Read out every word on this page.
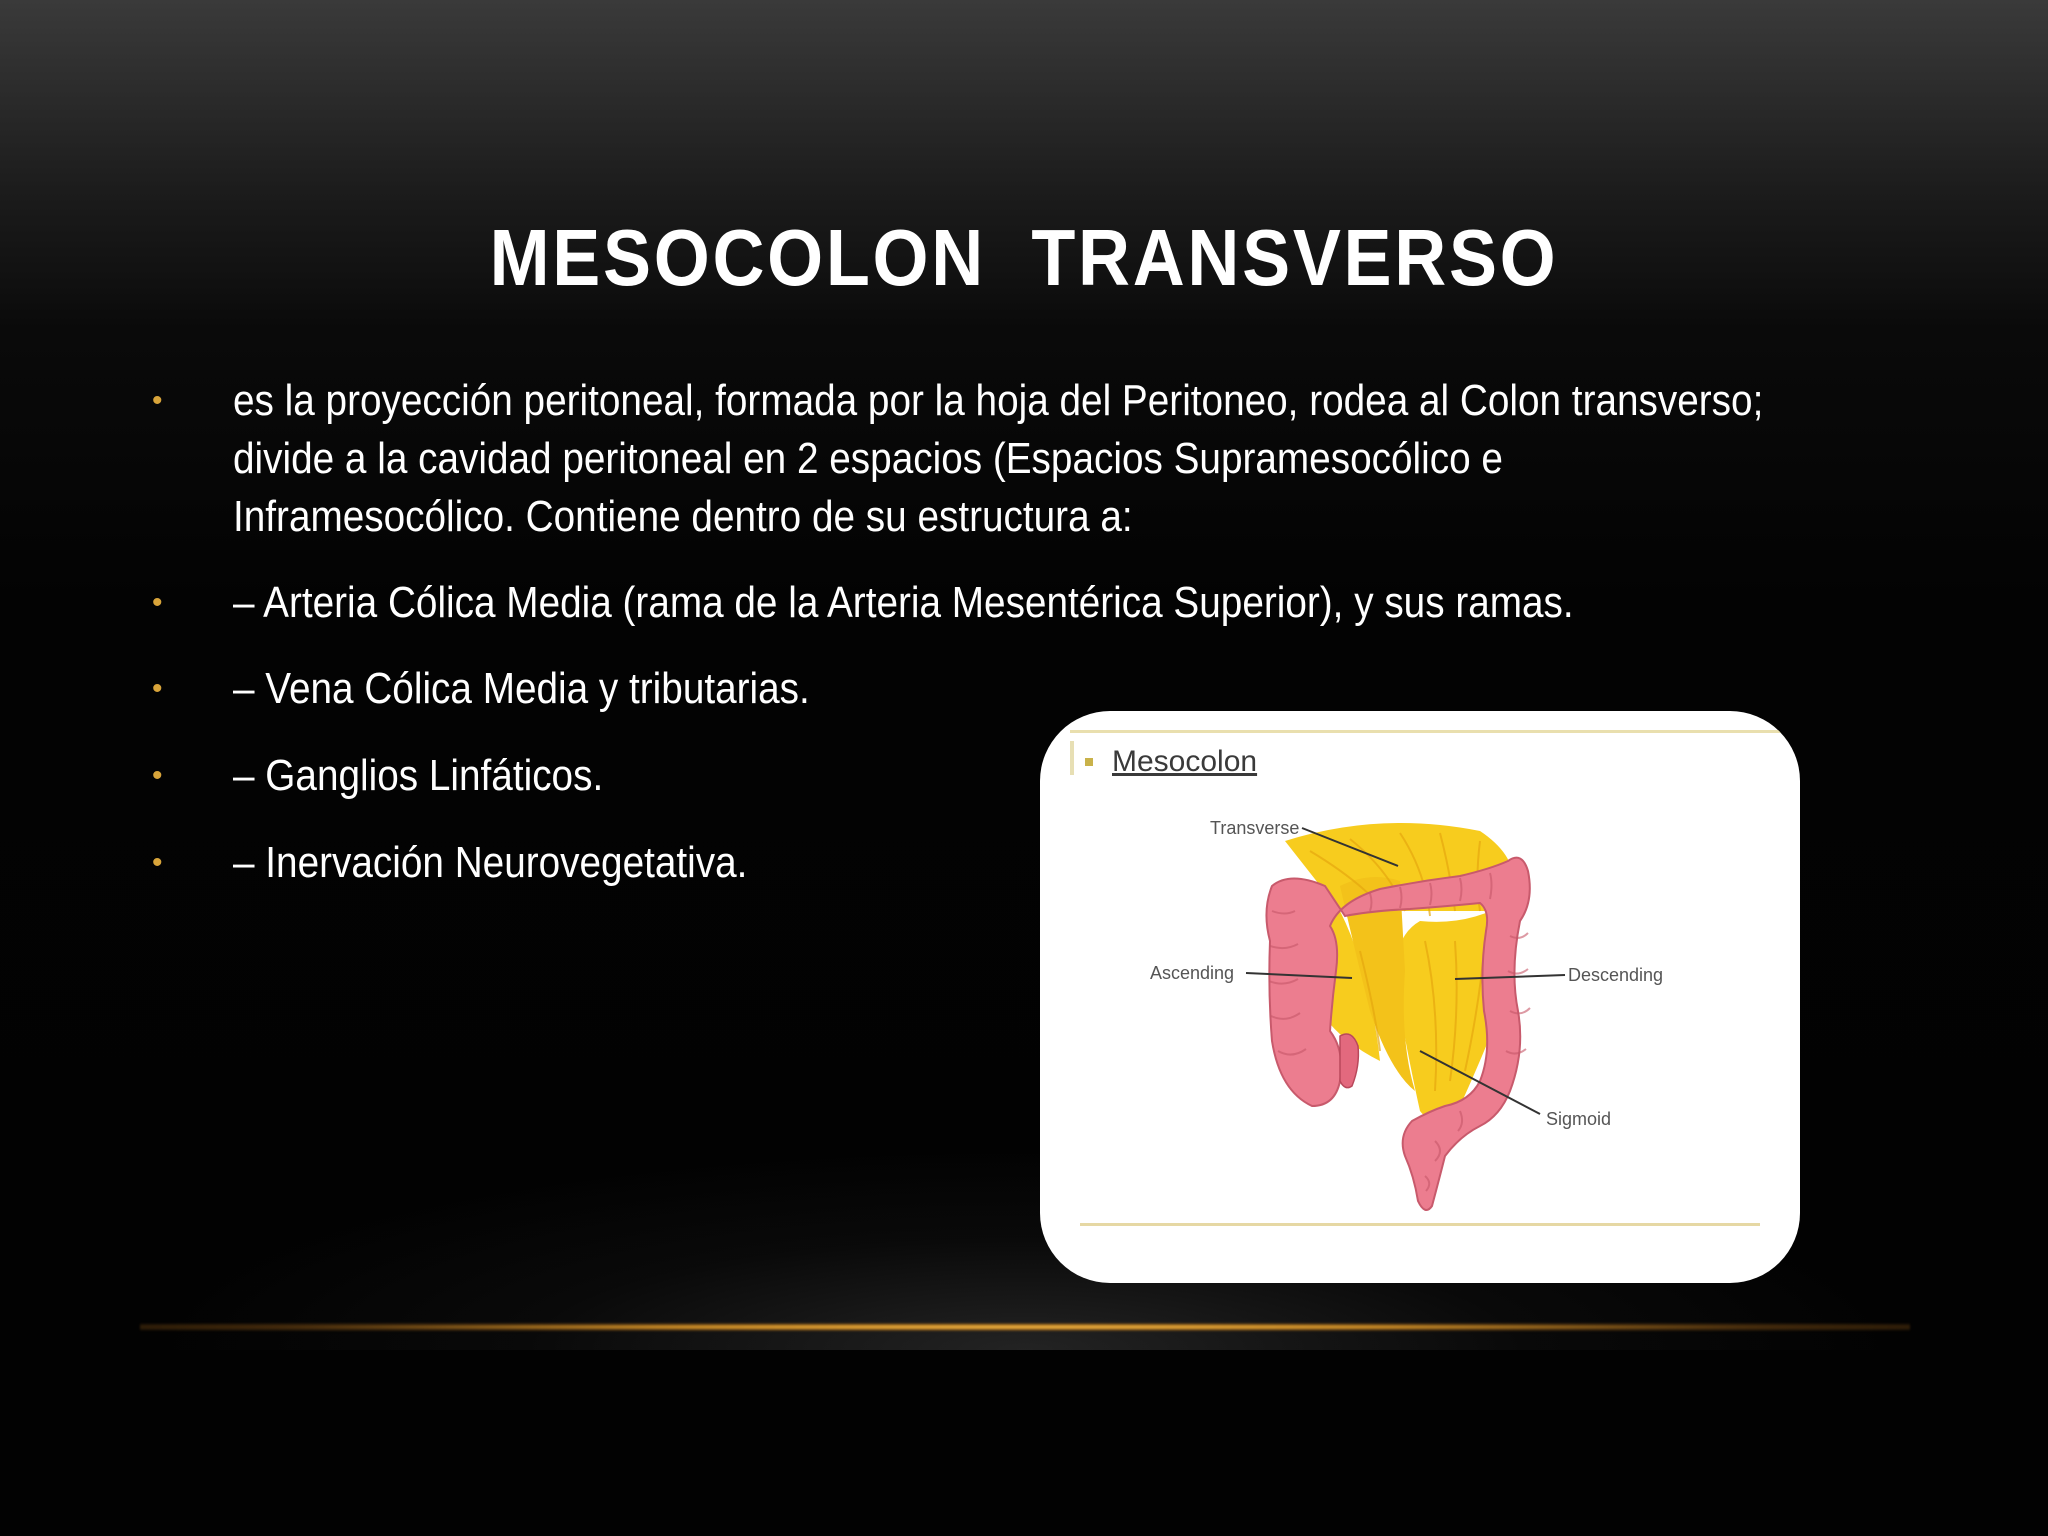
MESOCOLON  TRANSVERSO
• es la proyección peritoneal, formada por la hoja del Peritoneo, rodea al Colon transverso;
divide a la cavidad peritoneal en 2 espacios (Espacios Supramesocólico e
Inframesocólico. Contiene dentro de su estructura a:
• – Arteria Cólica Media (rama de la Arteria Mesentérica Superior), y sus ramas.
• – Vena Cólica Media y tributarias.
• – Ganglios Linfáticos.
• – Inervación Neurovegetativa.
Mesocolon
Transverse
Ascending	Descending
Sigmoid
